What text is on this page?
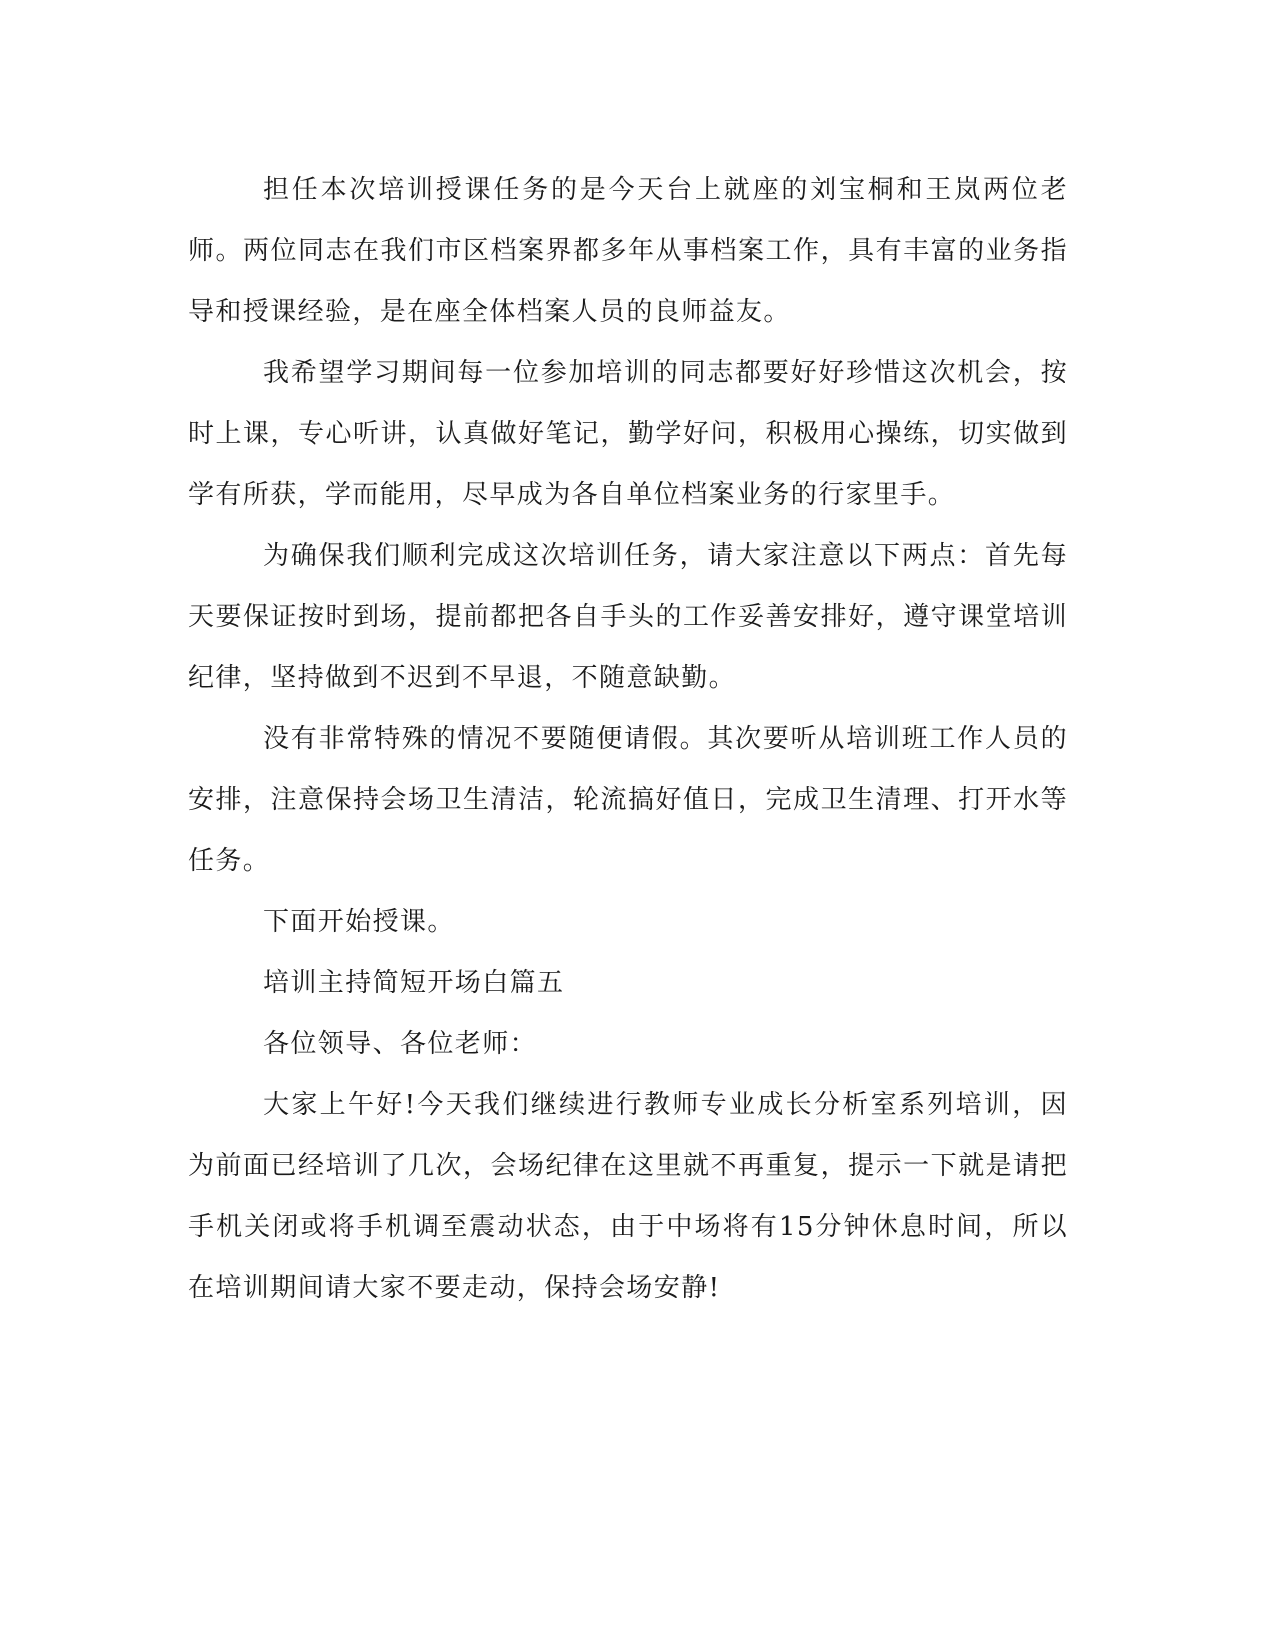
担任本次培训授课任务的是今天台上就座的刘宝桐和王岚两位老师。两位同志在我们市区档案界都多年从事档案工作，具有丰富的业务指导和授课经验，是在座全体档案人员的良师益友。

我希望学习期间每一位参加培训的同志都要好好珍惜这次机会，按时上课，专心听讲，认真做好笔记，勤学好问，积极用心操练，切实做到学有所获，学而能用，尽早成为各自单位档案业务的行家里手。

为确保我们顺利完成这次培训任务，请大家注意以下两点：首先每天要保证按时到场，提前都把各自手头的工作妥善安排好，遵守课堂培训纪律，坚持做到不迟到不早退，不随意缺勤。

没有非常特殊的情况不要随便请假。其次要听从培训班工作人员的安排，注意保持会场卫生清洁，轮流搞好值日，完成卫生清理、打开水等任务。

下面开始授课。

培训主持简短开场白篇五

各位领导、各位老师：

大家上午好!今天我们继续进行教师专业成长分析室系列培训，因为前面已经培训了几次，会场纪律在这里就不再重复，提示一下就是请把手机关闭或将手机调至震动状态，由于中场将有15分钟休息时间，所以在培训期间请大家不要走动，保持会场安静!
